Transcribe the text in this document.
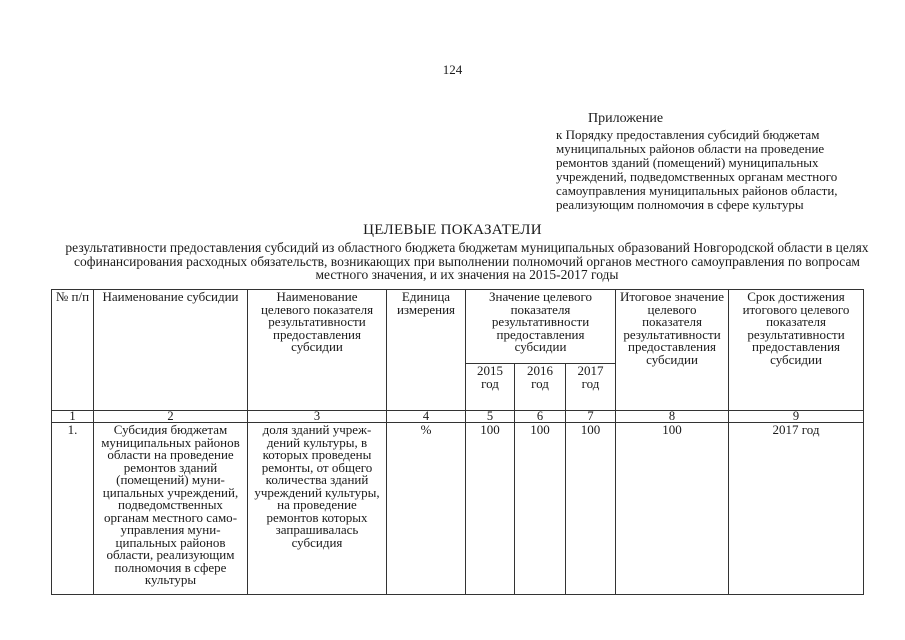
124
Приложение
к Порядку предоставления субсидий бюджетам муниципальных районов области на проведение ремонтов зданий (помещений) муниципальных учреждений, подведомственных органам местного самоуправления муниципальных районов области, реализующим полномочия в сфере культуры
ЦЕЛЕВЫЕ ПОКАЗАТЕЛИ
результативности предоставления субсидий из областного бюджета бюджетам муниципальных образований Новгородской области в целях софинансирования расходных обязательств, возникающих при выполнении полномочий органов местного самоуправления по вопросам местного значения, и их значения на 2015-2017 годы
№ п/п	Наименование субсидии	Наименование целевого показателя результативности предоставления субсидии	Единица измерения	Значение целевого показателя результативности предоставления субсидии			Итоговое значение целевого показателя результативности предоставления субсидии	Срок достижения итогового целевого показателя результативности предоставления субсидии
				2015 год	2016 год	2017 год		
1	2	3	4	5	6	7	8	9
1.	Субсидия бюджетам муниципальных районов области на проведение ремонтов зданий (помещений) муниципальных учреждений, подведомственных органам местного самоуправления муниципальных районов области, реализующим полномочия в сфере культуры	доля зданий учреждений культуры, в которых проведены ремонты, от общего количества зданий учреждений культуры, на проведение ремонтов которых запрашивалась субсидия	%	100	100	100	100	2017 год
